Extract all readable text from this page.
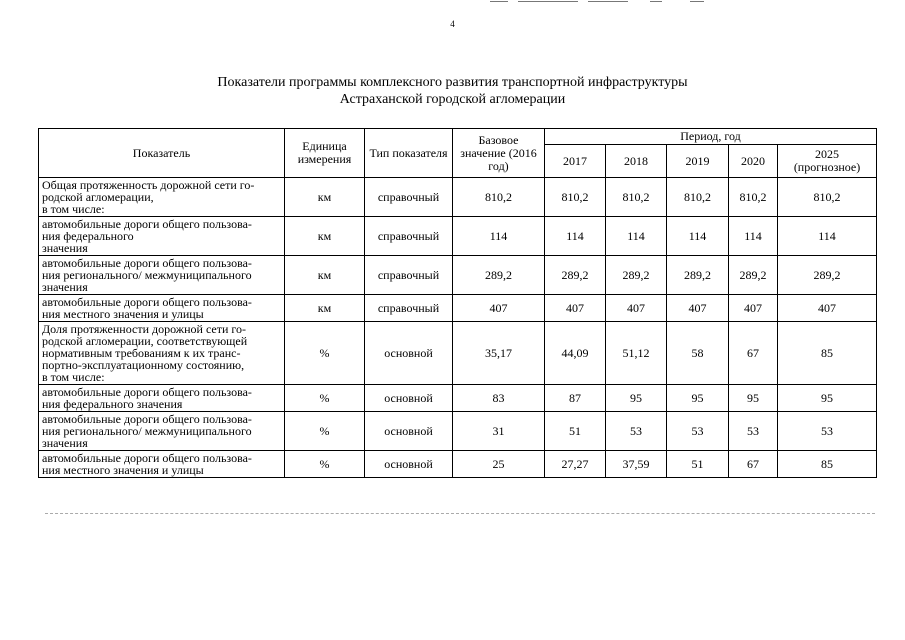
4
Показатели программы комплексного развития транспортной инфраструктуры
Астраханской городской агломерации
Показатель	Единица измерения	Тип показателя	Базовое значение (2016 год)	Период, год				
				2017	2018	2019	2020	2025 (прогнозное)

Общая протяженность дорожной сети го-
родской агломерации,
в том числе:	км	справочный	810,2	810,2	810,2	810,2	810,2	810,2

автомобильные дороги общего пользова-
ния федерального
значения	км	справочный	114	114	114	114	114	114

автомобильные дороги общего пользова-
ния регионального/ межмуниципального
значения	км	справочный	289,2	289,2	289,2	289,2	289,2	289,2

автомобильные дороги общего пользова-
ния местного значения и улицы	км	справочный	407	407	407	407	407	407

Доля протяженности дорожной сети го-
родской агломерации, соответствующей
нормативным требованиям к их транс-
портно-эксплуатационному состоянию,
в том числе:	%	основной	35,17	44,09	51,12	58	67	85

автомобильные дороги общего пользова-
ния федерального значения	%	основной	83	87	95	95	95	95

автомобильные дороги общего пользова-
ния регионального/ межмуниципального
значения	%	основной	31	51	53	53	53	53

автомобильные дороги общего пользова-
ния местного значения и улицы	%	основной	25	27,27	37,59	51	67	85
